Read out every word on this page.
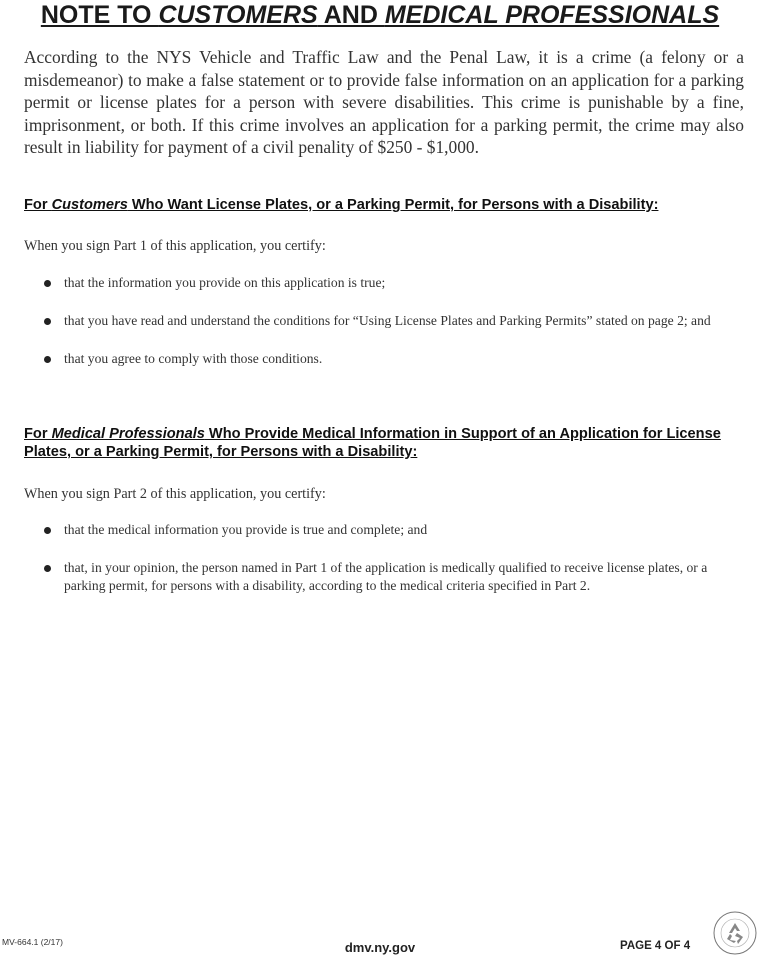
NOTE TO CUSTOMERS AND MEDICAL PROFESSIONALS
According to the NYS Vehicle and Traffic Law and the Penal Law, it is a crime (a felony or a misdemeanor) to make a false statement or to provide false information on an application for a parking permit or license plates for a person with severe disabilities. This crime is punishable by a fine, imprisonment, or both. If this crime involves an application for a parking permit, the crime may also result in liability for payment of a civil penality of $250 - $1,000.
For Customers Who Want License Plates, or a Parking Permit, for Persons with a Disability:
When you sign Part 1 of this application, you certify:
that the information you provide on this application is true;
that you have read and understand the conditions for “Using License Plates and Parking Permits” stated on page 2; and
that you agree to comply with those conditions.
For Medical Professionals Who Provide Medical Information in Support of an Application for License Plates, or a Parking Permit, for Persons with a Disability:
When you sign Part 2 of this application, you certify:
that the medical information you provide is true and complete; and
that, in your opinion, the person named in Part 1 of the application is medically qualified to receive license plates, or a parking permit, for persons with a disability, according to the medical criteria specified in Part 2.
MV-664.1 (2/17)	dmv.ny.gov	PAGE 4 OF 4
